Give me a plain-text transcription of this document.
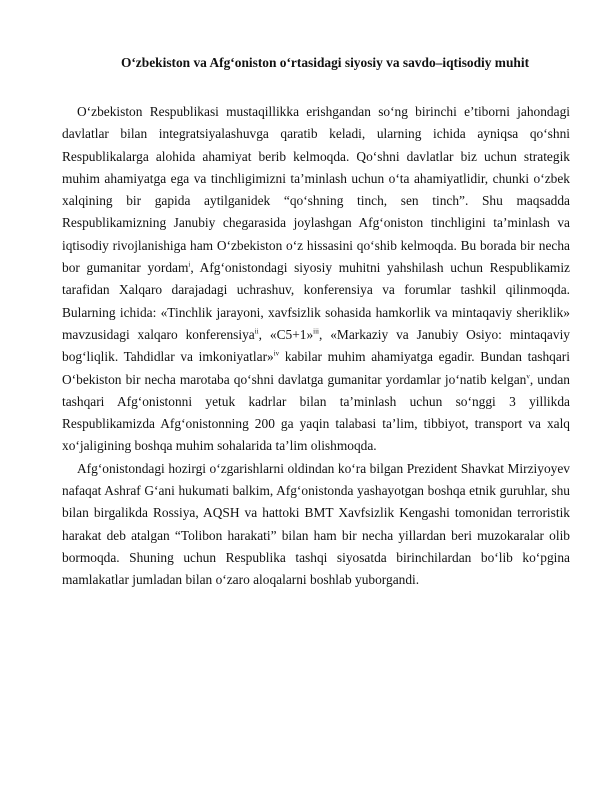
O‘zbekiston va Afg‘oniston o‘rtasidagi siyosiy va savdo–iqtisodiy muhit

O‘zbekiston Respublikasi mustaqillikka erishgandan so‘ng birinchi e’tiborni jahondagi davlatlar bilan integratsiyalashuvga qaratib keladi, ularning ichida ayniqsa qo‘shni Respublikalarga alohida ahamiyat berib kelmoqda. Qo‘shni davlatlar biz uchun strategik muhim ahamiyatga ega va tinchligimizni ta’minlash uchun o‘ta ahamiyatlidir, chunki o‘zbek xalqining bir gapida aytilganidek “qo‘shning tinch, sen tinch”. Shu maqsadda Respublikamizning Janubiy chegarasida joylashgan Afg‘oniston tinchligini ta’minlash va iqtisodiy rivojlanishiga ham O‘zbekiston o‘z hissasini qo‘shib kelmoqda. Bu borada bir necha bor gumanitar yordam$^i$, Afg‘onistondagi siyosiy muhitni yahshilash uchun Respublikamiz tarafidan Xalqaro darajadagi uchrashuv, konferensiya va forumlar tashkil qilinmoqda. Bularning ichida: «Tinchlik jarayoni, xavfsizlik sohasida hamkorlik va mintaqaviy sheriklik» mavzusidagi xalqaro konferensiya$^{ii}$, «C5+1»$^{iii}$, «Markaziy va Janubiy Osiyo: mintaqaviy bog‘liqlik. Tahdidlar va imkoniyatlar»$^{iv}$ kabilar muhim ahamiyatga egadir. Bundan tashqari O‘bekiston bir necha marotaba qo‘shni davlatga gumanitar yordamlar jo‘natib kelgan$^v$, undan tashqari Afg‘onistonni yetuk kadrlar bilan ta’minlash uchun so‘nggi 3 yillikda Respublikamizda Afg‘onistonning 200 ga yaqin talabasi ta’lim, tibbiyot, transport va xalq xo‘jaligining boshqa muhim sohalarida ta’lim olishmoqda.

Afg‘onistondagi hozirgi o‘zgarishlarni oldindan ko‘ra bilgan Prezident Shavkat Mirziyoyev nafaqat Ashraf G‘ani hukumati balkim, Afg‘onistonda yashayotgan boshqa etnik guruhlar, shu bilan birgalikda Rossiya, AQSH va hattoki BMT Xavfsizlik Kengashi tomonidan terroristik harakat deb atalgan “Tolibon harakati” bilan ham bir necha yillardan beri muzokaralar olib bormoqda. Shuning uchun Respublika tashqi siyosatda birinchilardan bo‘lib ko‘pgina mamlakatlar jumladan bilan o‘zaro aloqalarni boshlab yuborgandi.
